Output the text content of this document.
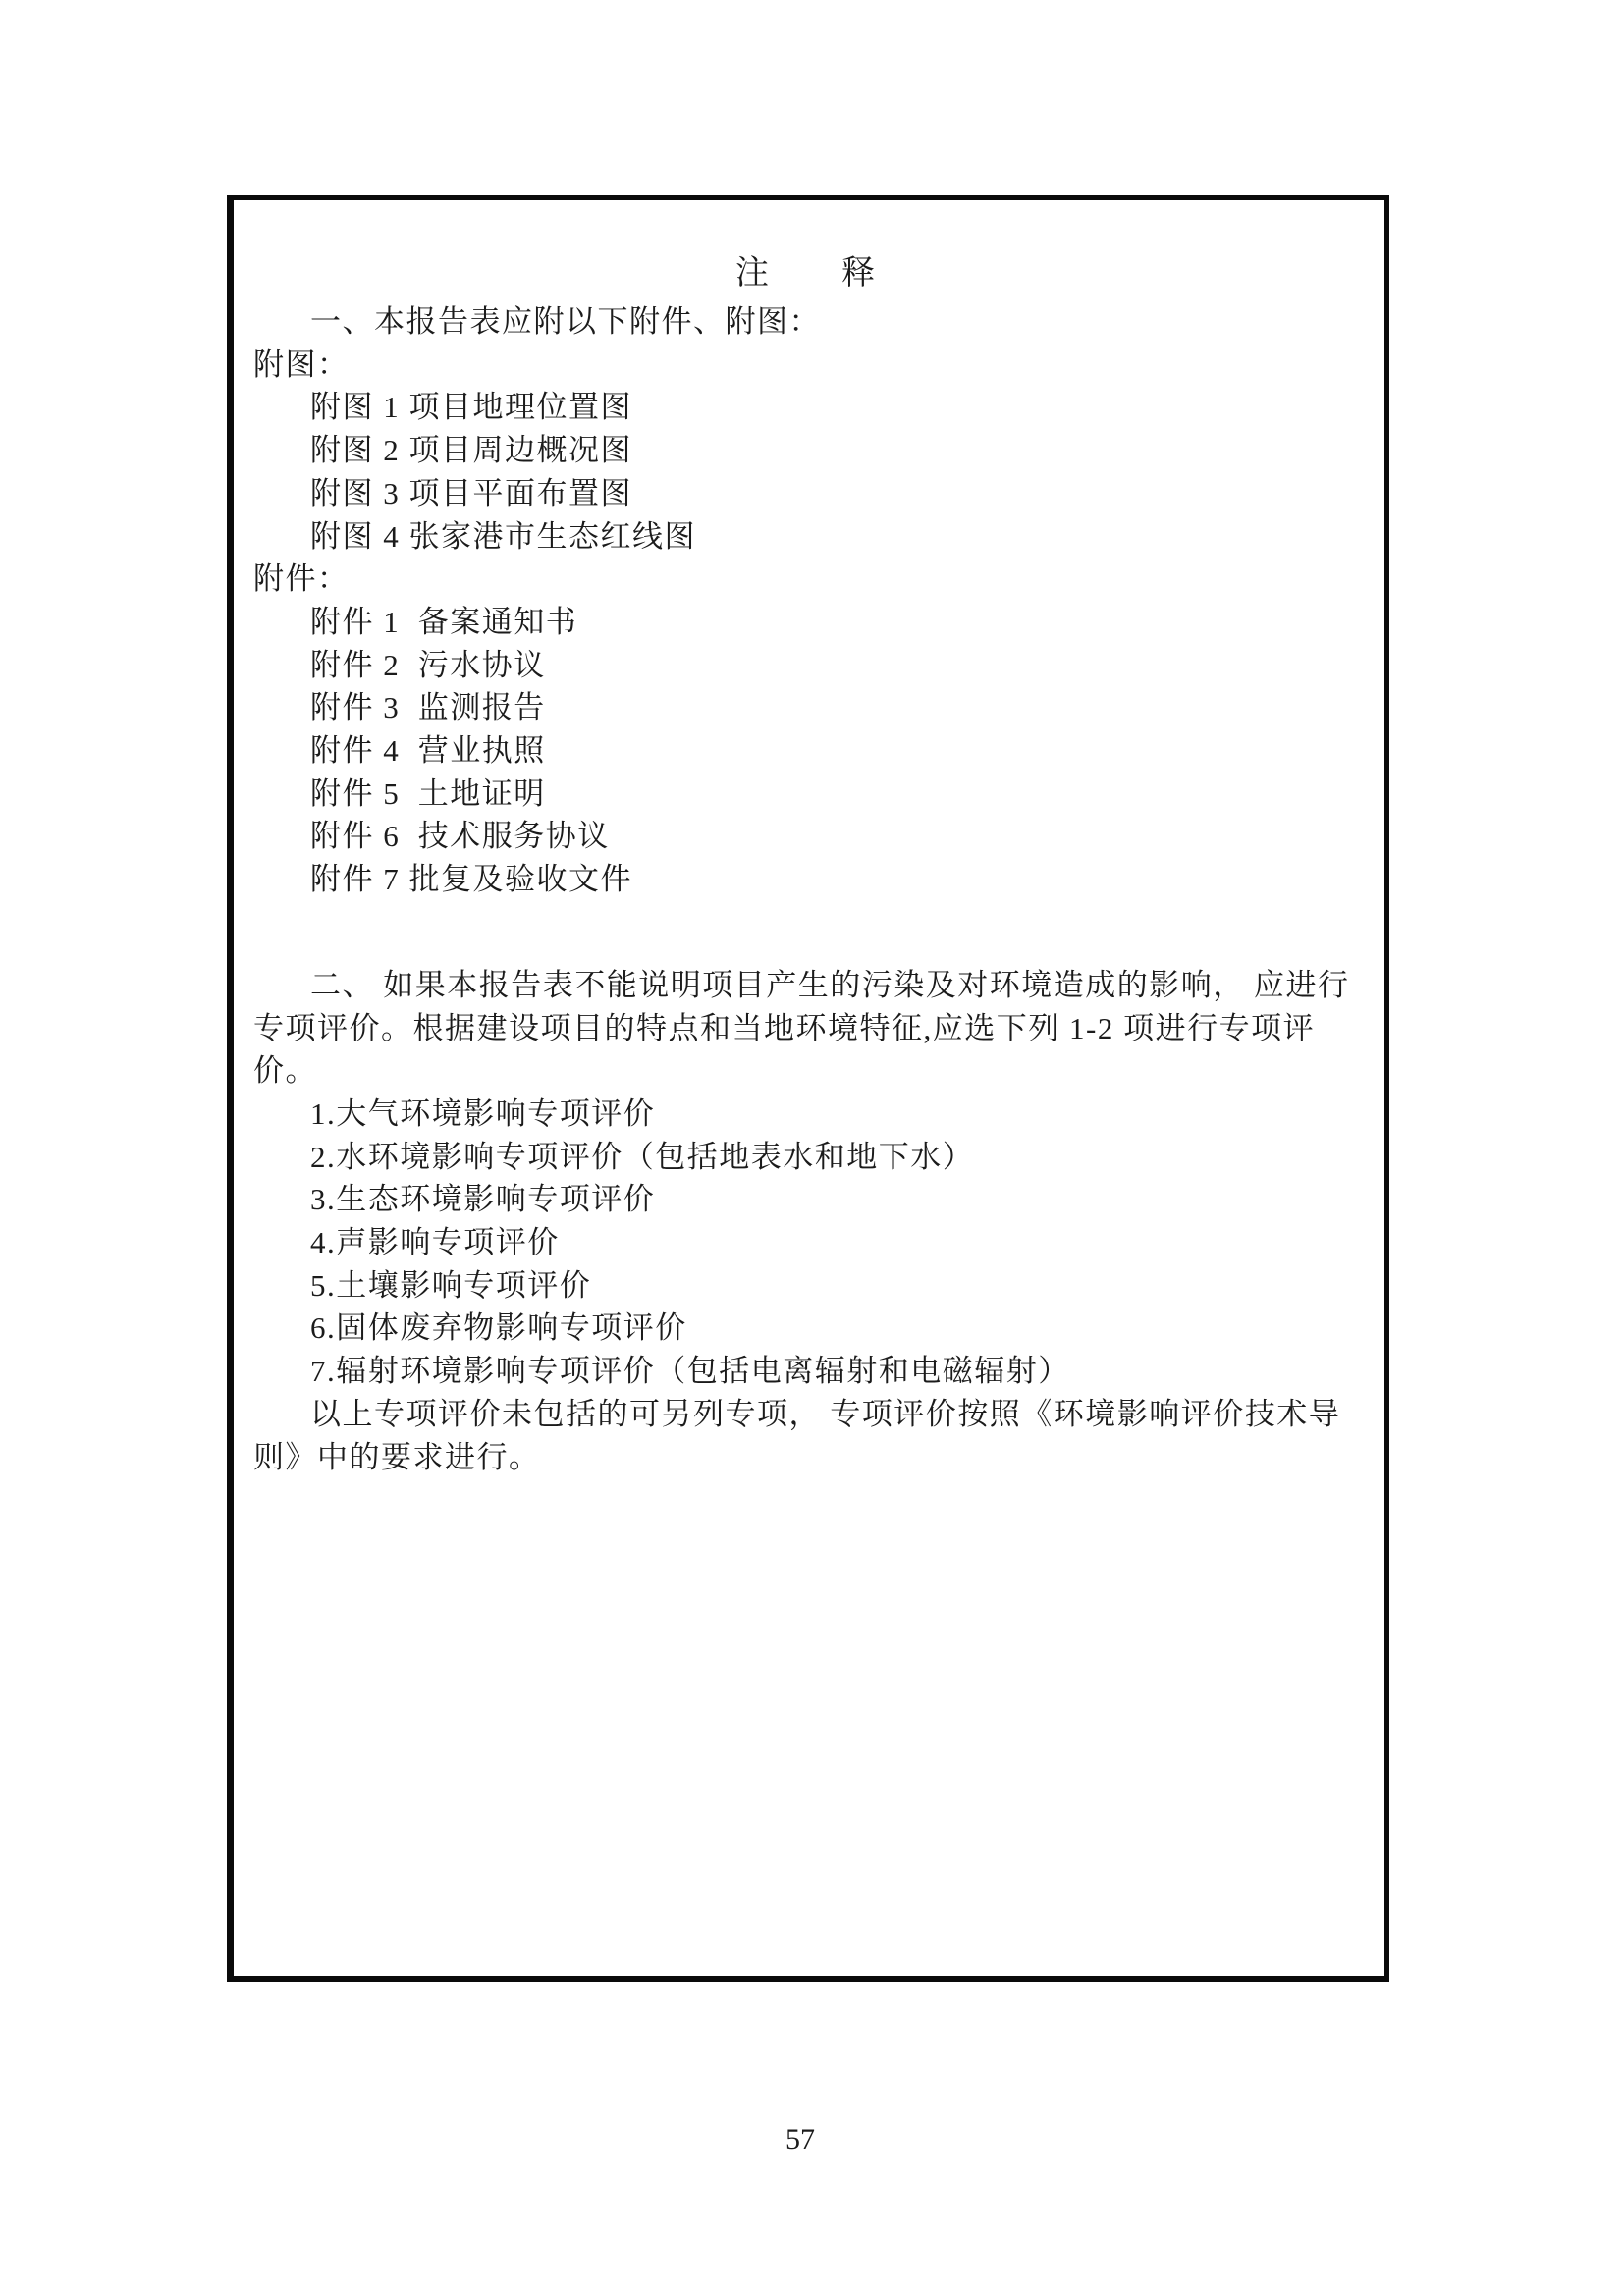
注　　释
一、本报告表应附以下附件、附图：
附图：
附图 1 项目地理位置图
附图 2 项目周边概况图
附图 3 项目平面布置图
附图 4 张家港市生态红线图
附件：
附件 1  备案通知书
附件 2  污水协议
附件 3  监测报告
附件 4  营业执照
附件 5  土地证明
附件 6  技术服务协议
附件 7 批复及验收文件
二、 如果本报告表不能说明项目产生的污染及对环境造成的影响， 应进行
专项评价。根据建设项目的特点和当地环境特征,应选下列 1-2 项进行专项评价。
1.大气环境影响专项评价
2.水环境影响专项评价（包括地表水和地下水）
3.生态环境影响专项评价
4.声影响专项评价
5.土壤影响专项评价
6.固体废弃物影响专项评价
7.辐射环境影响专项评价（包括电离辐射和电磁辐射）
以上专项评价未包括的可另列专项， 专项评价按照《环境影响评价技术导
则》中的要求进行。
57
